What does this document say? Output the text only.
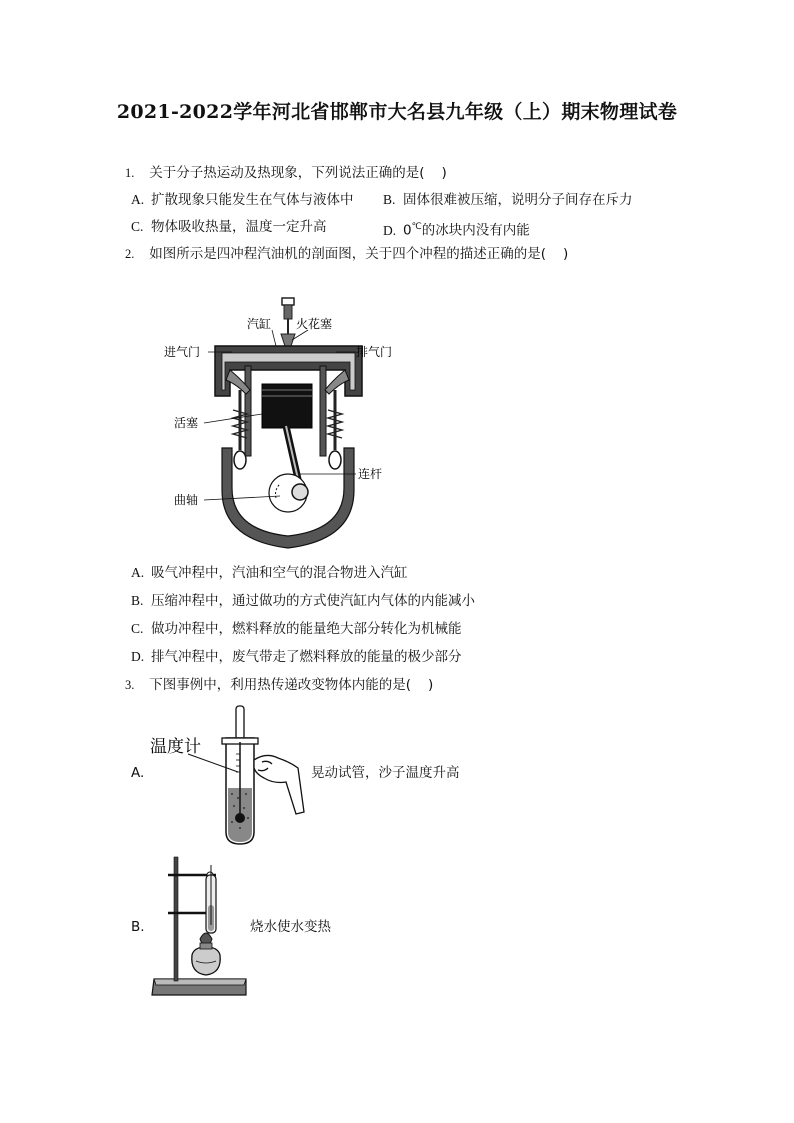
2021-2022学年河北省邯郸市大名县九年级（上）期末物理试卷
1. 关于分子热运动及热现象，下列说法正确的是( )
A. 扩散现象只能发生在气体与液体中 B. 固体很难被压缩，说明分子间存在斥力
C. 物体吸收热量，温度一定升高	D. 0℃的冰块内没有内能
2. 如图所示是四冲程汽油机的剖面图，关于四个冲程的描述正确的是( )
汽缸 火花塞
进气门	排气门
活塞
连杆
曲轴
A. 吸气冲程中，汽油和空气的混合物进入汽缸
B. 压缩冲程中，通过做功的方式使汽缸内气体的内能减小
C. 做功冲程中，燃料释放的能量绝大部分转化为机械能
D. 排气冲程中，废气带走了燃料释放的能量的极少部分
3. 下图事例中，利用热传递改变物体内能的是( )
A.
温度计
晃动试管，沙子温度升高
B.	烧水使水变热
